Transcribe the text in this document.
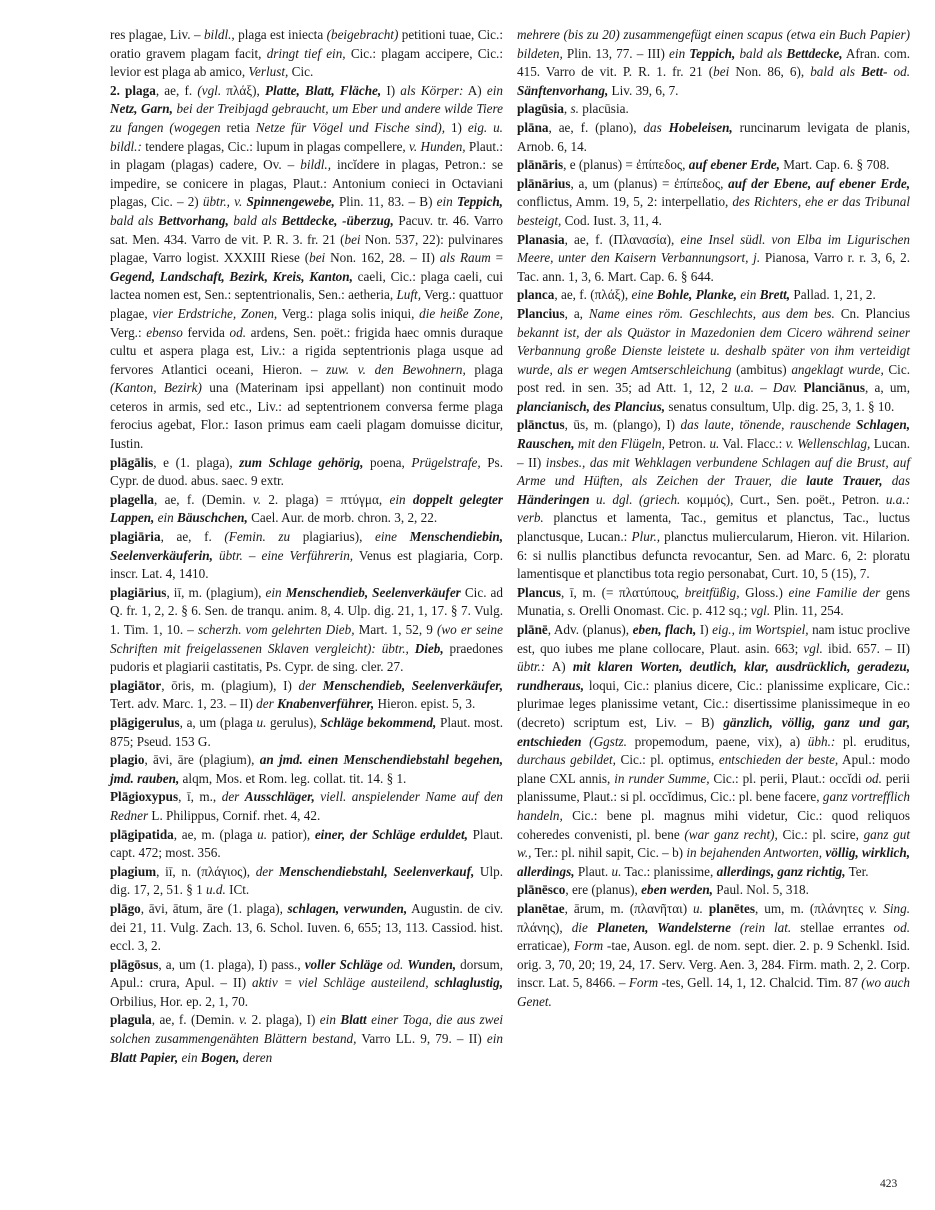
res plagae, Liv. – bildl., plaga est iniecta (beigebracht) petitioni tuae, Cic.: oratio gravem plagam facit, dringt tief ein, Cic.: plagam accipere, Cic.: levior est plaga ab amico, Verlust, Cic.
2. plaga, ae, f. (vgl. πλάξ), Platte, Blatt, Fläche, I) als Körper: A) ein Netz, Garn, bei der Treibjagd gebraucht, um Eber und andere wilde Tiere zu fangen (wogegen retia Netze für Vögel und Fische sind), 1) eig. u. bildl.: tendere plagas, Cic.: lupum in plagas compellere, v. Hunden, Plaut.: in plagam (plagas) cadere, Ov. – bildl., incĭdere in plagas, Petron.: se impedire, se conicere in plagas, Plaut.: Antonium conieci in Octaviani plagas, Cic. – 2) übtr., v. Spinnengewebe, Plin. 11, 83. – B) ein Teppich, bald als Bettvorhang, bald als Bettdecke, -überzug, Pacuv. tr. 46. Varro sat. Men. 434. Varro de vit. P. R. 3. fr. 21 (bei Non. 537, 22): pulvinares plagae, Varro logist. XXXIII Riese (bei Non. 162, 28. – II) als Raum = Gegend, Landschaft, Bezirk, Kreis, Kanton, caeli, Cic.: plaga caeli, cui lactea nomen est, Sen.: septentrionalis, Sen.: aetheria, Luft, Verg.: quattuor plagae, vier Erdstriche, Zonen, Verg.: plaga solis iniqui, die heiße Zone, Verg.: ebenso fervida od. ardens, Sen. poët.: frigida haec omnis duraque cultu et aspera plaga est, Liv.: a rigida septentrionis plaga usque ad fervores Atlantici oceani, Hieron. – zuw. v. den Bewohnern, plaga (Kanton, Bezirk) una (Materinam ipsi appellant) non continuit modo ceteros in armis, sed etc., Liv.: ad septentrionem conversa ferme plaga ferocius agebat, Flor.: Iason primus eam caeli plagam domuisse dicitur, Iustin.
plāgālis, e (1. plaga), zum Schlage gehörig, poena, Prügelstrafe, Ps. Cypr. de duod. abus. saec. 9 extr.
plagella, ae, f. (Demin. v. 2. plaga) = πτύγμα, ein doppelt gelegter Lappen, ein Bäuschchen, Cael. Aur. de morb. chron. 3, 2, 22.
plagiāria, ae, f. (Femin. zu plagiarius), eine Menschendiebin, Seelenverkäuferin, übtr. – eine Verführerin, Venus est plagiaria, Corp. inscr. Lat. 4, 1410.
plagiārius, iī, m. (plagium), ein Menschendieb, Seelenverkäufer Cic. ad Q. fr. 1, 2, 2. § 6. Sen. de tranqu. anim. 8, 4. Ulp. dig. 21, 1, 17. § 7. Vulg. 1. Tim. 1, 10. – scherzh. vom gelehrten Dieb, Mart. 1, 52, 9 (wo er seine Schriften mit freigelassenen Sklaven vergleicht): übtr., Dieb, praedones pudoris et plagiarii castitatis, Ps. Cypr. de sing. cler. 27.
plagiātor, ōris, m. (plagium), I) der Menschendieb, Seelenverkäufer, Tert. adv. Marc. 1, 23. – II) der Knabenverführer, Hieron. epist. 5, 3.
plāgigerulus, a, um (plaga u. gerulus), Schläge bekommend, Plaut. most. 875; Pseud. 153 G.
plagio, āvi, āre (plagium), an jmd. einen Menschendiebstahl begehen, jmd. rauben, alqm, Mos. et Rom. leg. collat. tit. 14. § 1.
Plāgioxypus, ī, m., der Ausschläger, viell. anspielender Name auf den Redner L. Philippus, Cornif. rhet. 4, 42.
plāgipatida, ae, m. (plaga u. patior), einer, der Schläge erduldet, Plaut. capt. 472; most. 356.
plagium, iī, n. (πλάγιος), der Menschendiebstahl, Seelenverkauf, Ulp. dig. 17, 2, 51. § 1 u.d. ICt.
plāgo, āvi, ātum, āre (1. plaga), schlagen, verwunden, Augustin. de civ. dei 21, 11. Vulg. Zach. 13, 6. Schol. Iuven. 6, 655; 13, 113. Cassiod. hist. eccl. 3, 2.
plāgōsus, a, um (1. plaga), I) pass., voller Schläge od. Wunden, dorsum, Apul.: crura, Apul. – II) aktiv = viel Schläge austeilend, schlaglustig, Orbilius, Hor. ep. 2, 1, 70.
plagula, ae, f. (Demin. v. 2. plaga), I) ein Blatt einer Toga, die aus zwei solchen zusammengenähten Blättern bestand, Varro LL. 9, 79. – II) ein Blatt Papier, ein Bogen, deren
mehrere (bis zu 20) zusammengefügt einen scapus (etwa ein Buch Papier) bildeten, Plin. 13, 77. – III) ein Teppich, bald als Bettdecke, Afran. com. 415. Varro de vit. P. R. 1. fr. 21 (bei Non. 86, 6), bald als Bett- od. Sänftenvorhang, Liv. 39, 6, 7.
plagūsia, s. placūsia.
plāna, ae, f. (plano), das Hobeleisen, runcinarum levigata de planis, Arnob. 6, 14.
plānāris, e (planus) = ἐπίπεδος, auf ebener Erde, Mart. Cap. 6. § 708.
plānārius, a, um (planus) = ἐπίπεδος, auf der Ebene, auf ebener Erde, conflictus, Amm. 19, 5, 2: interpellatio, des Richters, ehe er das Tribunal besteigt, Cod. Iust. 3, 11, 4.
Planasia, ae, f. (Πλανασία), eine Insel südl. von Elba im Ligurischen Meere, unter den Kaisern Verbannungsort, j. Pianosa, Varro r. r. 3, 6, 2. Tac. ann. 1, 3, 6. Mart. Cap. 6. § 644.
planca, ae, f. (πλάξ), eine Bohle, Planke, ein Brett, Pallad. 1, 21, 2.
Plancius, a, Name eines röm. Geschlechts, aus dem bes. Cn. Plancius bekannt ist, der als Quästor in Mazedonien dem Cicero während seiner Verbannung große Dienste leistete u. deshalb später von ihm verteidigt wurde, als er wegen Amtserschleichung (ambitus) angeklagt wurde, Cic. post red. in sen. 35; ad Att. 1, 12, 2 u.a. – Dav. Planciānus, a, um, plancianisch, des Plancius, senatus consultum, Ulp. dig. 25, 3, 1. § 10.
plānctus, ūs, m. (plango), I) das laute, tönende, rauschende Schlagen, Rauschen, mit den Flügeln, Petron. u. Val. Flacc.: v. Wellenschlag, Lucan. – II) insbes., das mit Wehklagen verbundene Schlagen auf die Brust, auf Arme und Hüften, als Zeichen der Trauer, die laute Trauer, das Händeringen u. dgl. (griech. κομμός), Curt., Sen. poët., Petron. u.a.: verb. planctus et lamenta, Tac., gemitus et planctus, Tac., luctus planctusque, Lucan.: Plur., planctus muliercularum, Hieron. vit. Hilarion. 6: si nullis planctibus defuncta revocantur, Sen. ad Marc. 6, 2: ploratu lamentisque et planctibus tota regio personabat, Curt. 10, 5 (15), 7.
Plancus, ī, m. (= πλατύπους, breitfüßig, Gloss.) eine Familie der gens Munatia, s. Orelli Onomast. Cic. p. 412 sq.; vgl. Plin. 11, 254.
plānē, Adv. (planus), eben, flach, I) eig., im Wortspiel, nam istuc proclive est, quo iubes me plane collocare, Plaut. asin. 663; vgl. ibid. 657. – II) übtr.: A) mit klaren Worten, deutlich, klar, ausdrücklich, geradezu, rundheraus, loqui, Cic.: planius dicere, Cic.: planissime explicare, Cic.: plurimae leges planissime vetant, Cic.: disertissime planissimeque in eo (decreto) scriptum est, Liv. – B) gänzlich, völlig, ganz und gar, entschieden (Ggstz. propemodum, paene, vix), a) übh.: pl. eruditus, durchaus gebildet, Cic.: pl. optimus, entschieden der beste, Apul.: modo plane CXL annis, in runder Summe, Cic.: pl. perii, Plaut.: occĭdi od. perii planissume, Plaut.: si pl. occĭdimus, Cic.: pl. bene facere, ganz vortrefflich handeln, Cic.: bene pl. magnus mihi videtur, Cic.: quod reliquos coheredes convenisti, pl. bene (war ganz recht), Cic.: pl. scire, ganz gut w., Ter.: pl. nihil sapit, Cic. – b) in bejahenden Antworten, völlig, wirklich, allerdings, Plaut. u. Tac.: planissime, allerdings, ganz richtig, Ter.
plānēsco, ere (planus), eben werden, Paul. Nol. 5, 318.
planētae, ārum, m. (πλανῆται) u. planētes, um, m. (πλάνητες v. Sing. πλάνης), die Planeten, Wandelsterne (rein lat. stellae errantes od. erraticae), Form -tae, Auson. egl. de nom. sept. dier. 2. p. 9 Schenkl. Isid. orig. 3, 70, 20; 19, 24, 17. Serv. Verg. Aen. 3, 284. Firm. math. 2, 2. Corp. inscr. Lat. 5, 8466. – Form -tes, Gell. 14, 1, 12. Chalcid. Tim. 87 (wo auch Genet.
423
